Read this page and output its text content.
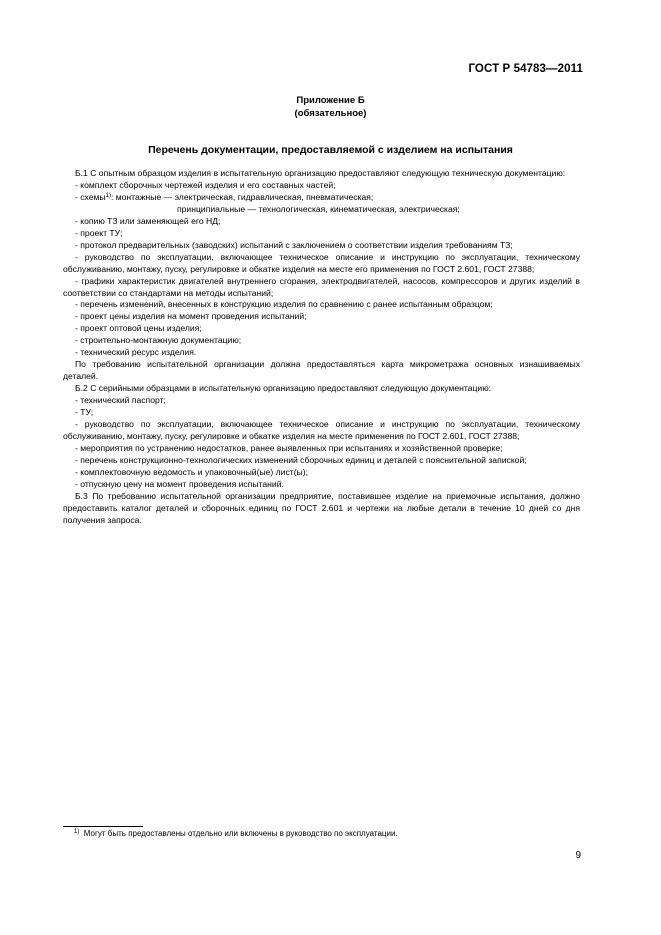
ГОСТ Р 54783—2011
Приложение Б
(обязательное)
Перечень документации, предоставляемой с изделием на испытания
Б.1 С опытным образцом изделия в испытательную организацию предоставляют следующую техническую документацию:
- комплект сборочных чертежей изделия и его составных частей;
- схемы$^{1)}$: монтажные — электрическая, гидравлическая, пневматическая;
принципиальные — технологическая, кинематическая, электрическая;
- копию ТЗ или заменяющей его НД;
- проект ТУ;
- протокол предварительных (заводских) испытаний с заключением о соответствии изделия требованиям ТЗ;
- руководство по эксплуатации, включающее техническое описание и инструкцию по эксплуатации, техническому обслуживанию, монтажу, пуску, регулировке и обкатке изделия на месте его применения по ГОСТ 2.601, ГОСТ 27388;
- графики характеристик двигателей внутреннего сгорания, электродвигателей, насосов, компрессоров и других изделий в соответствии со стандартами на методы испытаний;
- перечень изменений, внесенных в конструкцию изделия по сравнению с ранее испытанным образцом;
- проект цены изделия на момент проведения испытаний;
- проект оптовой цены изделия;
- строительно-монтажную документацию;
- технический ресурс изделия.
По требованию испытательной организации должна предоставляться карта микрометража основных изнашиваемых деталей.
Б.2 С серийными образцами в испытательную организацию предоставляют следующую документацию:
- технический паспорт;
- ТУ;
- руководство по эксплуатации, включающее техническое описание и инструкцию по эксплуатации, техническому обслуживанию, монтажу, пуску, регулировке и обкатке изделия на месте применения по ГОСТ 2.601, ГОСТ 27388;
- мероприятия по устранению недостатков, ранее выявленных при испытаниях и хозяйственной проверке;
- перечень конструкционно-технологических изменений сборочных единиц и деталей с пояснительной запиской;
- комплектовочную ведомость и упаковочный(ые) лист(ы);
- отпускную цену на момент проведения испытаний.
Б.3 По требованию испытательной организации предприятие, поставившее изделие на приемочные испытания, должно предоставить каталог деталей и сборочных единиц по ГОСТ 2.601 и чертежи на любые детали в течение 10 дней со дня получения запроса.
$^{1)}$ Могут быть предоставлены отдельно или включены в руководство по эксплуатации.
9
